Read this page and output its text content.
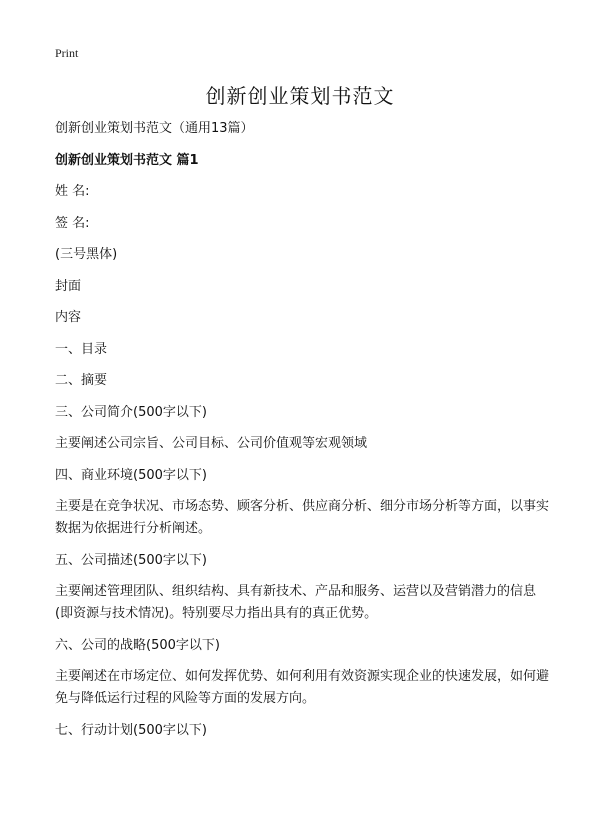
Print
创新创业策划书范文

创新创业策划书范文（通用13篇）

创新创业策划书范文 篇1

姓 名:

签 名:

(三号黑体)

封面

内容

一、目录

二、摘要

三、公司简介(500字以下)

主要阐述公司宗旨、公司目标、公司价值观等宏观领域

四、商业环境(500字以下)

主要是在竞争状况、市场态势、顾客分析、供应商分析、细分市场分析等方面，以事实数据为依据进行分析阐述。

五、公司描述(500字以下)

主要阐述管理团队、组织结构、具有新技术、产品和服务、运营以及营销潜力的信息(即资源与技术情况)。特别要尽力指出具有的真正优势。

六、公司的战略(500字以下)

主要阐述在市场定位、如何发挥优势、如何利用有效资源实现企业的快速发展，如何避免与降低运行过程的风险等方面的发展方向。

七、行动计划(500字以下)
